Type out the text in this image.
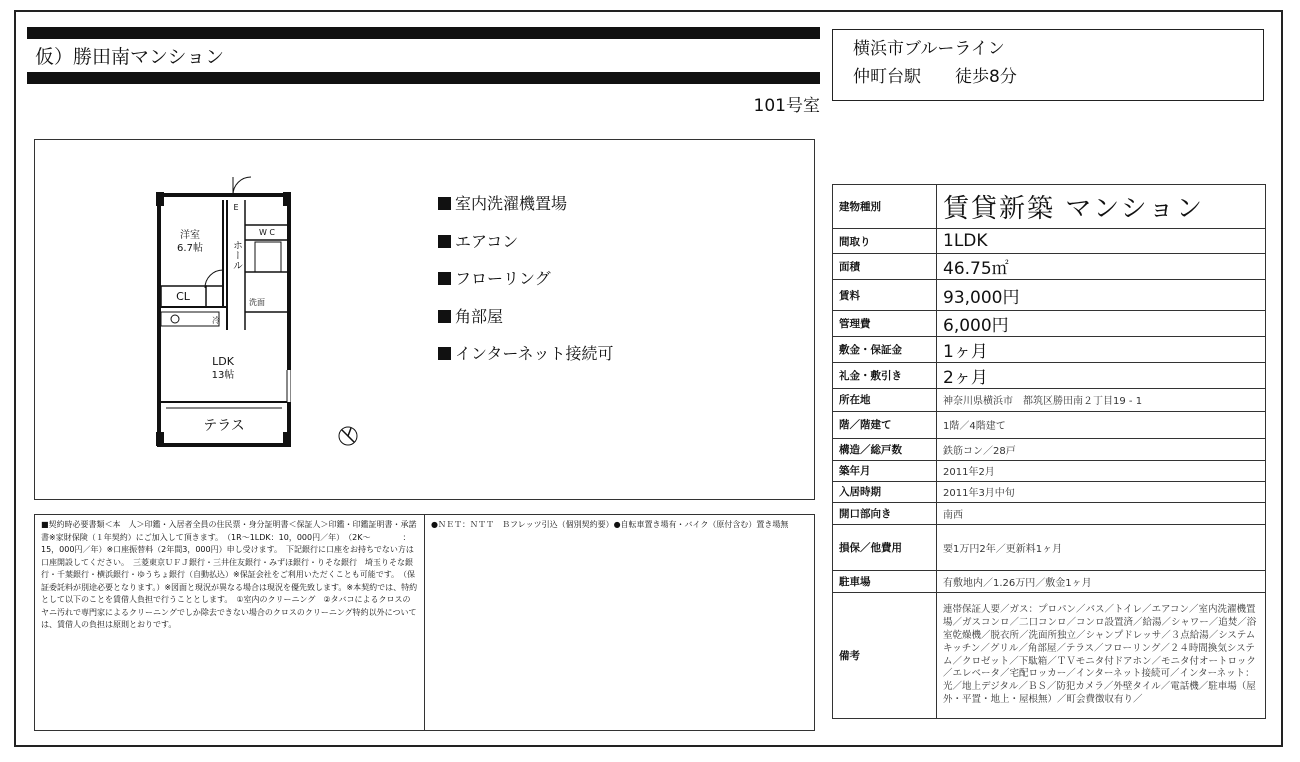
仮）勝田南マンション
101号室
横浜市ブルーライン
仲町台駅　　徒歩8分
洋室
6.7帖
CL
E
W C
洗面
冷
LDK
13帖
テラス
ホール
室内洗濯機置場
エアコン
フローリング
角部屋
インターネット接続可
建物種別	賃貸新築 マンション
間取り	1LDK
面積	46.75㎡
賃料	93,000円
管理費	6,000円
敷金・保証金	1ヶ月
礼金・敷引き	2ヶ月
所在地	神奈川県横浜市　都筑区勝田南２丁目19 - 1
階／階建て	1階／4階建て
構造／総戸数	鉄筋コン／28戸
築年月	2011年2月
入居時期	2011年3月中旬
開口部向き	南西
損保／他費用	要1万円2年／更新料1ヶ月
駐車場	有敷地内／1.26万円／敷金1ヶ月
備考	連帯保証人要／ガス：プロパン／バス／トイレ／エアコン／室内洗濯機置場／ガスコンロ／二口コンロ／コンロ設置済／給湯／シャワー／追焚／浴室乾燥機／脱衣所／洗面所独立／シャンプドレッサ／３点給湯／システムキッチン／グリル／角部屋／テラス／フローリング／２４時間換気システム／クロゼット／下駄箱／ＴＶモニタ付ドアホン／モニタ付オートロック／エレベータ／宅配ロッカー／インターネット接続可／インターネット：光／地上デジタル／ＢＳ／防犯カメラ／外壁タイル／電話機／駐車場（屋外・平置・地上・屋根無）／町会費徴収有り／
■契約時必要書類＜本　人＞印鑑・入居者全員の住民票・身分証明書＜保証人＞印鑑・印鑑証明書・承諾書※家財保険（１年契約）にご加入して頂きます。　（1R～1LDK：10，000円／年）　（2K～　　　　：15，000円／年）※口座振替料（2年間3，000円）申し受けます。　下記銀行に口座をお持ちでない方は口座開設してください。　三菱東京ＵＦＪ銀行・三井住友銀行・みずほ銀行・りそな銀行　埼玉りそな銀行・千葉銀行・横浜銀行・ゆうちょ銀行（自動払込）※保証会社をご利用いただくことも可能です。　（保証委託料が別途必要となります。）※図面と現況が異なる場合は現況を優先致します。※本契約では、特約として以下のことを賃借人負担で行うこととします。　①室内のクリーニング　②タバコによるクロスのヤニ汚れで専門家によるクリーニングでしか除去できない場合のクロスのクリーニング特約以外については、賃借人の負担は原則とおりです。
●ＮＥＴ：ＮＴＴ　Ｂフレッツ引込（個別契約要）●自転車置き場有・バイク（原付含む）置き場無
